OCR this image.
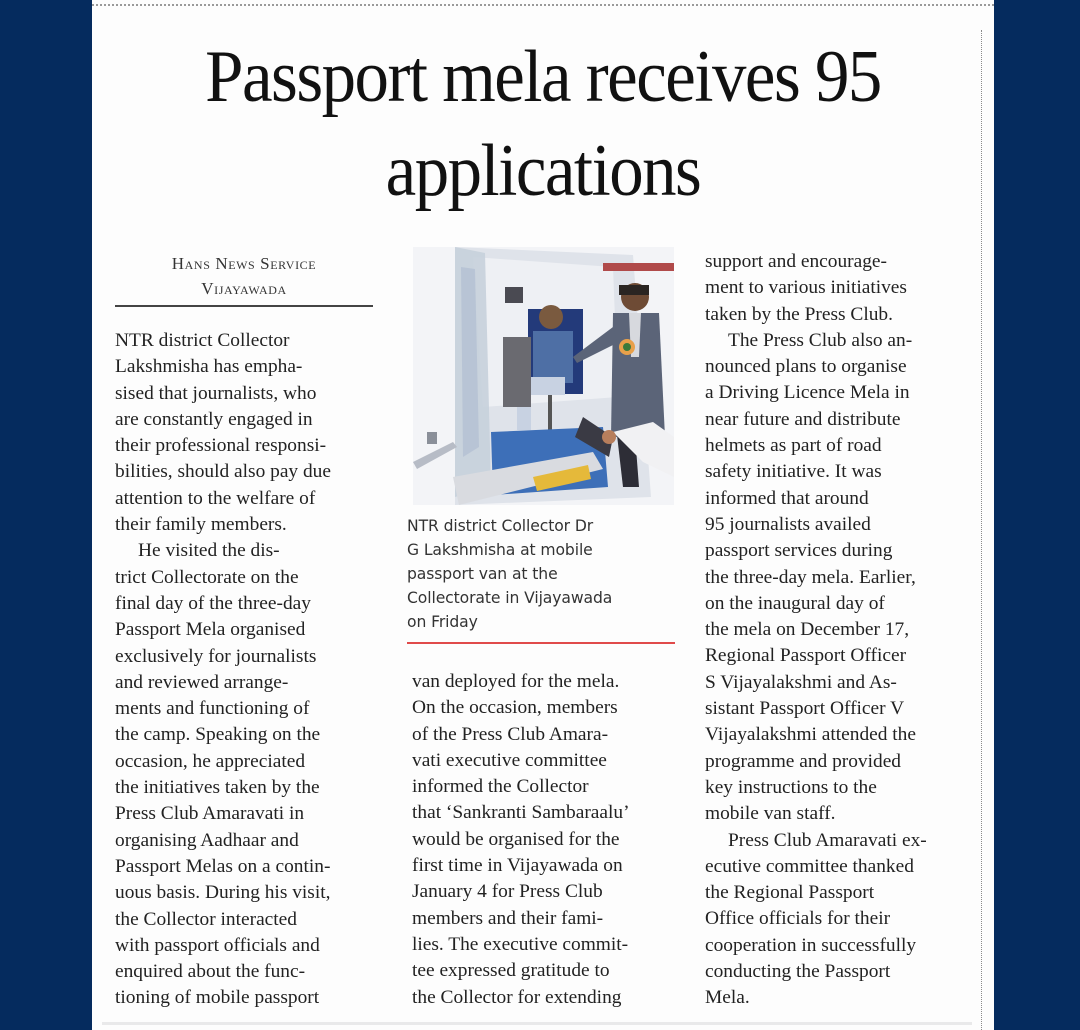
Passport mela receives 95
applications
Hans News Service
Vijayawada
NTR district Collector
Lakshmisha has empha-
sised that journalists, who
are constantly engaged in
their professional responsi-
bilities, should also pay due
attention to the welfare of
their family members.
He visited the dis-
trict Collectorate on the
final day of the three-day
Passport Mela organised
exclusively for journalists
and reviewed arrange-
ments and functioning of
the camp. Speaking on the
occasion, he appreciated
the initiatives taken by the
Press Club Amaravati in
organising Aadhaar and
Passport Melas on a contin-
uous basis. During his visit,
the Collector interacted
with passport officials and
enquired about the func-
tioning of mobile passport
NTR district Collector Dr
G Lakshmisha at mobile
passport van at the
Collectorate in Vijayawada
on Friday
van deployed for the mela.
On the occasion, members
of the Press Club Amara-
vati executive committee
informed the Collector
that ‘Sankranti Sambaraalu’
would be organised for the
first time in Vijayawada on
January 4 for Press Club
members and their fami-
lies. The executive commit-
tee expressed gratitude to
the Collector for extending
support and encourage-
ment to various initiatives
taken by the Press Club.
The Press Club also an-
nounced plans to organise
a Driving Licence Mela in
near future and distribute
helmets as part of road
safety initiative. It was
informed that around
95 journalists availed
passport services during
the three-day mela. Earlier,
on the inaugural day of
the mela on December 17,
Regional Passport Officer
S Vijayalakshmi and As-
sistant Passport Officer V
Vijayalakshmi attended the
programme and provided
key instructions to the
mobile van staff.
Press Club Amaravati ex-
ecutive committee thanked
the Regional Passport
Office officials for their
cooperation in successfully
conducting the Passport
Mela.
